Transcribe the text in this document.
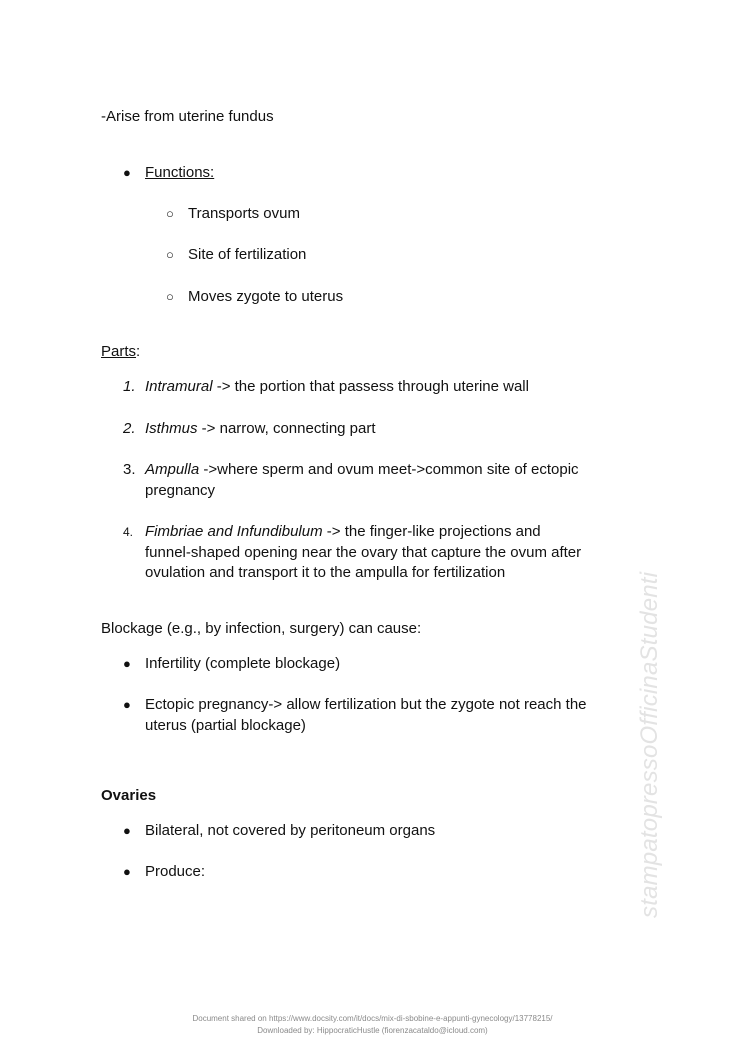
-Arise from uterine fundus

● Functions:

○ Transports ovum

○ Site of fertilization

○ Moves zygote to uterus

Parts:

1. Intramural -> the portion that passess through uterine wall

2. Isthmus -> narrow, connecting part

3. Ampulla ->where sperm and ovum meet->common site of ectopic

pregnancy

4. Fimbriae and Infundibulum -> the finger-like projections and

funnel-shaped opening near the ovary that capture the ovum after

ovulation and transport it to the ampulla for fertilization

Blockage (e.g., by infection, surgery) can cause:

● Infertility (complete blockage)

● Ectopic pregnancy-> allow fertilization but the zygote not reach the

uterus (partial blockage)

Ovaries

● Bilateral, not covered by peritoneum organs

● Produce:	stampatopressoOfficinaStudenti
Document shared on https://www.docsity.com/it/docs/mix-di-sbobine-e-appunti-gynecology/13778215/
Downloaded by: HippocraticHustle (fiorenzacataldo@icloud.com)
